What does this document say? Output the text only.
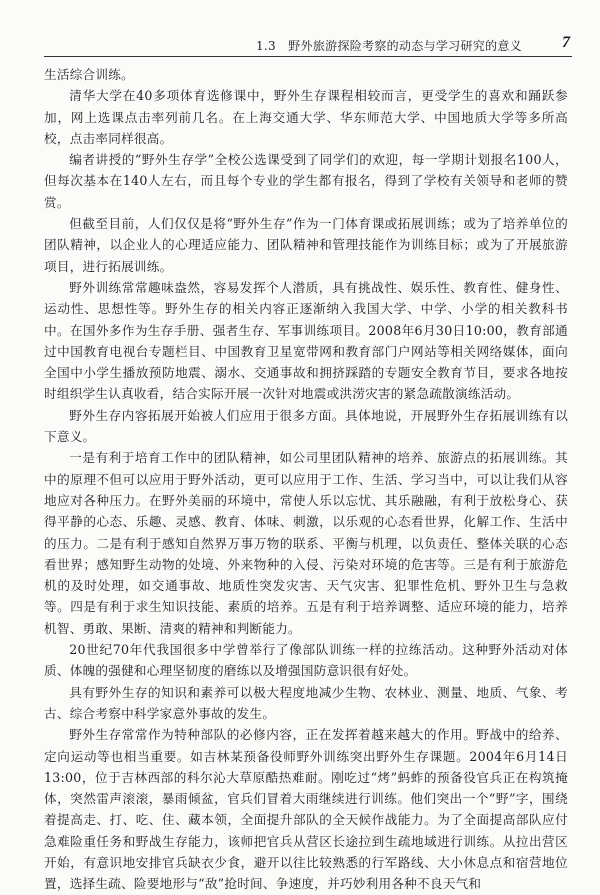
1.3　野外旅游探险考察的动态与学习研究的意义	7

生活综合训练。

清华大学在40多项体育选修课中，野外生存课程相较而言，更受学生的喜欢和踊跃参加，网上选课点击率列前几名。在上海交通大学、华东师范大学、中国地质大学等多所高校，点击率同样很高。

编者讲授的“野外生存学”全校公选课受到了同学们的欢迎，每一学期计划报名100人，但每次基本在140人左右，而且每个专业的学生都有报名，得到了学校有关领导和老师的赞赏。

但截至目前，人们仅仅是将“野外生存”作为一门体育课或拓展训练；或为了培养单位的团队精神，以企业人的心理适应能力、团队精神和管理技能作为训练目标；或为了开展旅游项目，进行拓展训练。

野外训练常常趣味盎然，容易发挥个人潜质，具有挑战性、娱乐性、教育性、健身性、运动性、思想性等。野外生存的相关内容正逐渐纳入我国大学、中学、小学的相关教科书中。在国外多作为生存手册、强者生存、军事训练项目。2008年6月30日10:00，教育部通过中国教育电视台专题栏目、中国教育卫星宽带网和教育部门户网站等相关网络媒体，面向全国中小学生播放预防地震、溺水、交通事故和拥挤踩踏的专题安全教育节目，要求各地按时组织学生认真收看，结合实际开展一次针对地震或洪涝灾害的紧急疏散演练活动。

野外生存内容拓展开始被人们应用于很多方面。具体地说，开展野外生存拓展训练有以下意义。

一是有利于培育工作中的团队精神，如公司里团队精神的培养、旅游点的拓展训练。其中的原理不但可以应用于野外活动，更可以应用于工作、生活、学习当中，可以让我们从容地应对各种压力。在野外美丽的环境中，常使人乐以忘忧、其乐融融，有利于放松身心、获得平静的心态、乐趣、灵感、教育、体味、刺激，以乐观的心态看世界，化解工作、生活中的压力。二是有利于感知自然界万事万物的联系、平衡与机理，以负责任、整体关联的心态看世界；感知野生动物的处境、外来物种的入侵、污染对环境的危害等。三是有利于旅游危机的及时处理，如交通事故、地质性突发灾害、天气灾害、犯罪性危机、野外卫生与急救等。四是有利于求生知识技能、素质的培养。五是有利于培养调整、适应环境的能力，培养机智、勇敢、果断、清爽的精神和判断能力。

20世纪70年代我国很多中学曾举行了像部队训练一样的拉练活动。这种野外活动对体质、体魄的强健和心理坚韧度的磨练以及增强国防意识很有好处。

具有野外生存的知识和素养可以极大程度地减少生物、农林业、测量、地质、气象、考古、综合考察中科学家意外事故的发生。

野外生存常常作为特种部队的必修内容，正在发挥着越来越大的作用。野战中的给养、定向运动等也相当重要。如吉林某预备役师野外训练突出野外生存课题。2004年6月14日13:00，位于吉林西部的科尔沁大草原酷热难耐。刚吃过“烤”蚂蚱的预备役官兵正在构筑掩体，突然雷声滚滚，暴雨倾盆，官兵们冒着大雨继续进行训练。他们突出一个“野”字，围绕着提高走、打、吃、住、藏本领，全面提升部队的全天候作战能力。为了全面提高部队应付急难险重任务和野战生存能力，该师把官兵从营区长途拉到生疏地域进行训练。从拉出营区开始，有意识地安排官兵缺衣少食，避开以往比较熟悉的行军路线、大小休息点和宿营地位置，选择生疏、险要地形与“敌”抢时间、争速度，并巧妙利用各种不良天气和
